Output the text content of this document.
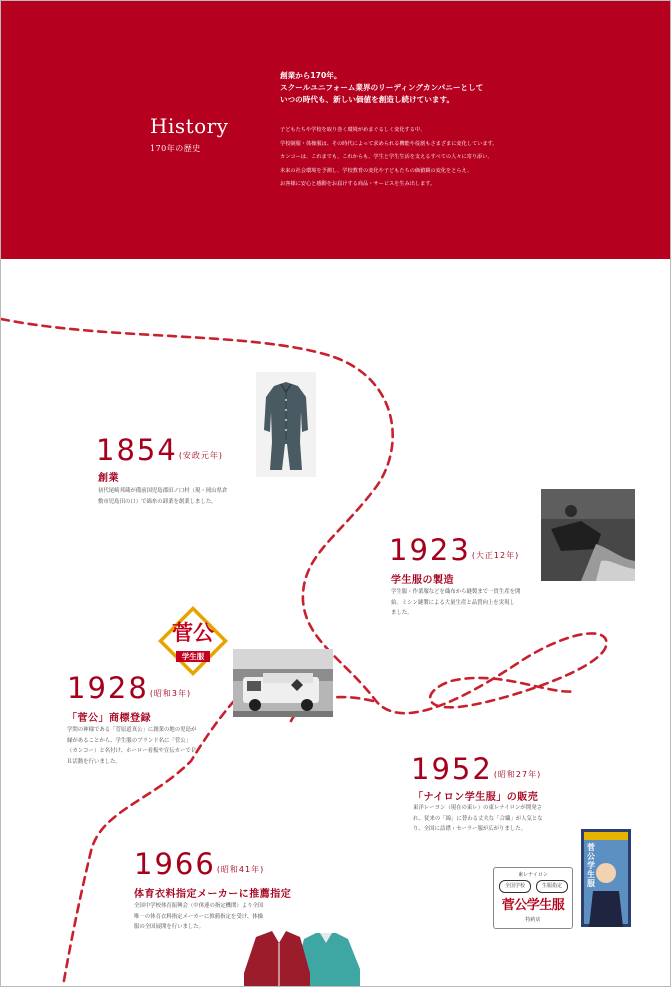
History
170年の歴史
創業から170年。
スクールユニフォーム業界のリーディングカンパニーとして
いつの時代も、新しい価値を創造し続けています。
子どもたちや学校を取り巻く環境がめまぐるしく変化する中、
学校制服・体操服は、その時代によって求められる機能や役割もさまざまに変化しています。
カンコーは、これまでも、これからも、学生と学生生活を支えるすべての人々に寄り添い、
未来の社会環境を予測し、学校教育の変化や子どもたちの価値観の変化をとらえ、
お客様に安心と感動をお届けする商品・サービスを生み出します。
1854(安政元年)
創業
初代尾崎邦蔵が備前国児島郡田ノ口村（現・岡山県倉
敷市児島田の口）で綿糸の卸業を創業しました。
1923(大正12年)
学生服の製造
学生服・作業服などを織布から縫製まで一貫生産を開
始。ミシン縫製による大量生産と品質向上を実現し
ました。
菅公
学生服
1928(昭和3年)
「菅公」商標登録
学問の神様である「菅原道真公」に創業の地の児島が
縁があることから、学生服のブランド名に「菅公」
（カンコー）と名付け、ホーロー看板や宣伝カーでＰ
Ｒ活動を行いました。	1952(昭和27年)
「ナイロン学生服」の販売
東洋レーヨン（現在の東レ）の東レナイロンが開発さ
れ、従来の「綿」に替わる丈夫な「合繊」が人気とな
り、全国に詰襟・セーラー服が広がりました。
東レナイロン
全国学校	生服指定
菅公学生服
特約店
菅公学生服
1966(昭和41年)
体育衣料指定メーカーに推薦指定
全国中学校体育振興会（中体連の指定機関）より全国
唯一の体育衣料指定メーカーに推薦指定を受け、体操
服の全国展開を行いました。
